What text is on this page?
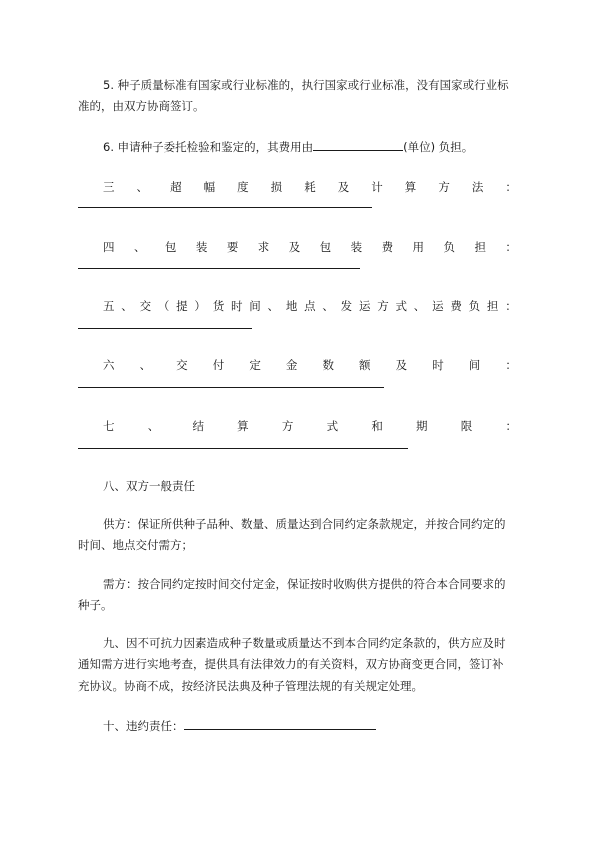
5. 种子质量标准有国家或行业标准的，执行国家或行业标准，没有国家或行业标
准的，由双方协商签订。
6. 申请种子委托检验和鉴定的，其费用由	(单位) 负担。
三 、 超 幅 度 损 耗 及 计 算 方 法 ：
四 、 包 装 要 求 及 包 装 费 用 负 担 ：
五 、 交 （ 提 ） 货 时 间 、 地 点 、 发 运 方 式 、 运 费 负 担 ：
六 、 交 付 定 金 数 额 及 时 间 ：
七	、	结	算	方	式	和	期	限	：
八、双方一般责任
供方：保证所供种子品种、数量、质量达到合同约定条款规定，并按合同约定的
时间、地点交付需方；
需方：按合同约定按时间交付定金，保证按时收购供方提供的符合本合同要求的
种子。
九、因不可抗力因素造成种子数量或质量达不到本合同约定条款的，供方应及时
通知需方进行实地考查，提供具有法律效力的有关资料，双方协商变更合同，签订补
充协议。协商不成，按经济民法典及种子管理法规的有关规定处理。
十、违约责任：
